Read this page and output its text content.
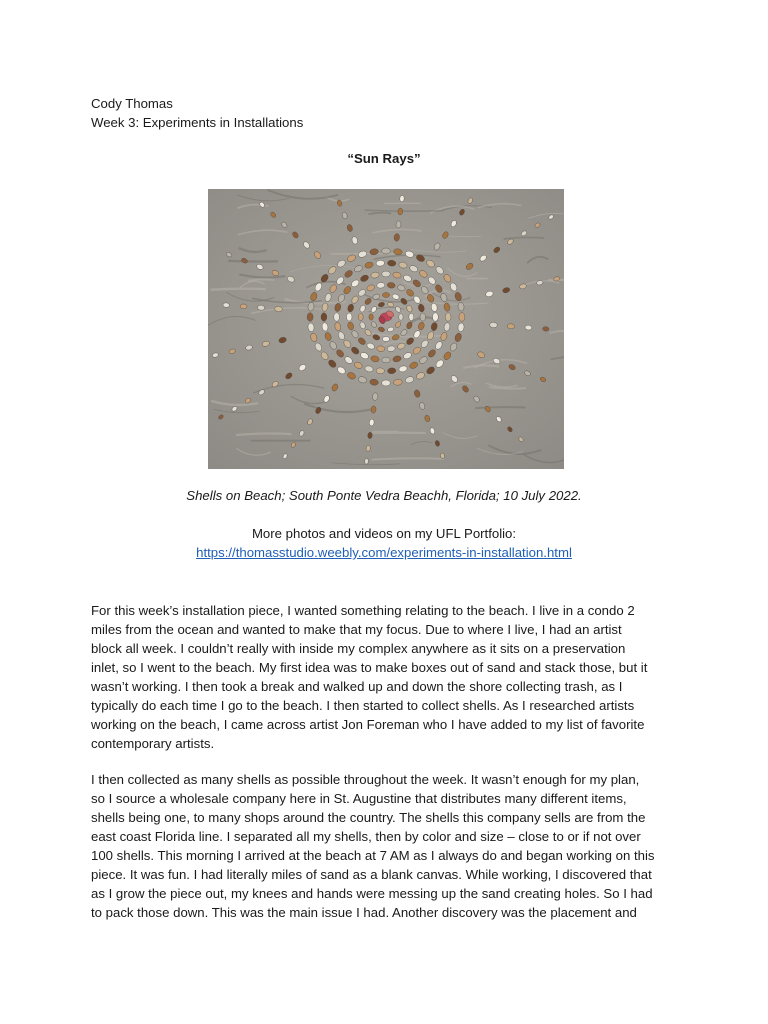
Cody Thomas
Week 3: Experiments in Installations
“Sun Rays”
Shells on Beach; South Ponte Vedra Beachh, Florida; 10 July 2022.
More photos and videos on my UFL Portfolio:
https://thomasstudio.weebly.com/experiments-in-installation.html
For this week’s installation piece, I wanted something relating to the beach. I live in a condo 2
miles from the ocean and wanted to make that my focus. Due to where I live, I had an artist
block all week. I couldn’t really with inside my complex anywhere as it sits on a preservation
inlet, so I went to the beach. My first idea was to make boxes out of sand and stack those, but it
wasn’t working. I then took a break and walked up and down the shore collecting trash, as I
typically do each time I go to the beach. I then started to collect shells. As I researched artists
working on the beach, I came across artist Jon Foreman who I have added to my list of favorite
contemporary artists.
I then collected as many shells as possible throughout the week. It wasn’t enough for my plan,
so I source a wholesale company here in St. Augustine that distributes many different items,
shells being one, to many shops around the country. The shells this company sells are from the
east coast Florida line. I separated all my shells, then by color and size – close to or if not over
100 shells. This morning I arrived at the beach at 7 AM as I always do and began working on this
piece. It was fun. I had literally miles of sand as a blank canvas. While working, I discovered that
as I grow the piece out, my knees and hands were messing up the sand creating holes. So I had
to pack those down. This was the main issue I had. Another discovery was the placement and
